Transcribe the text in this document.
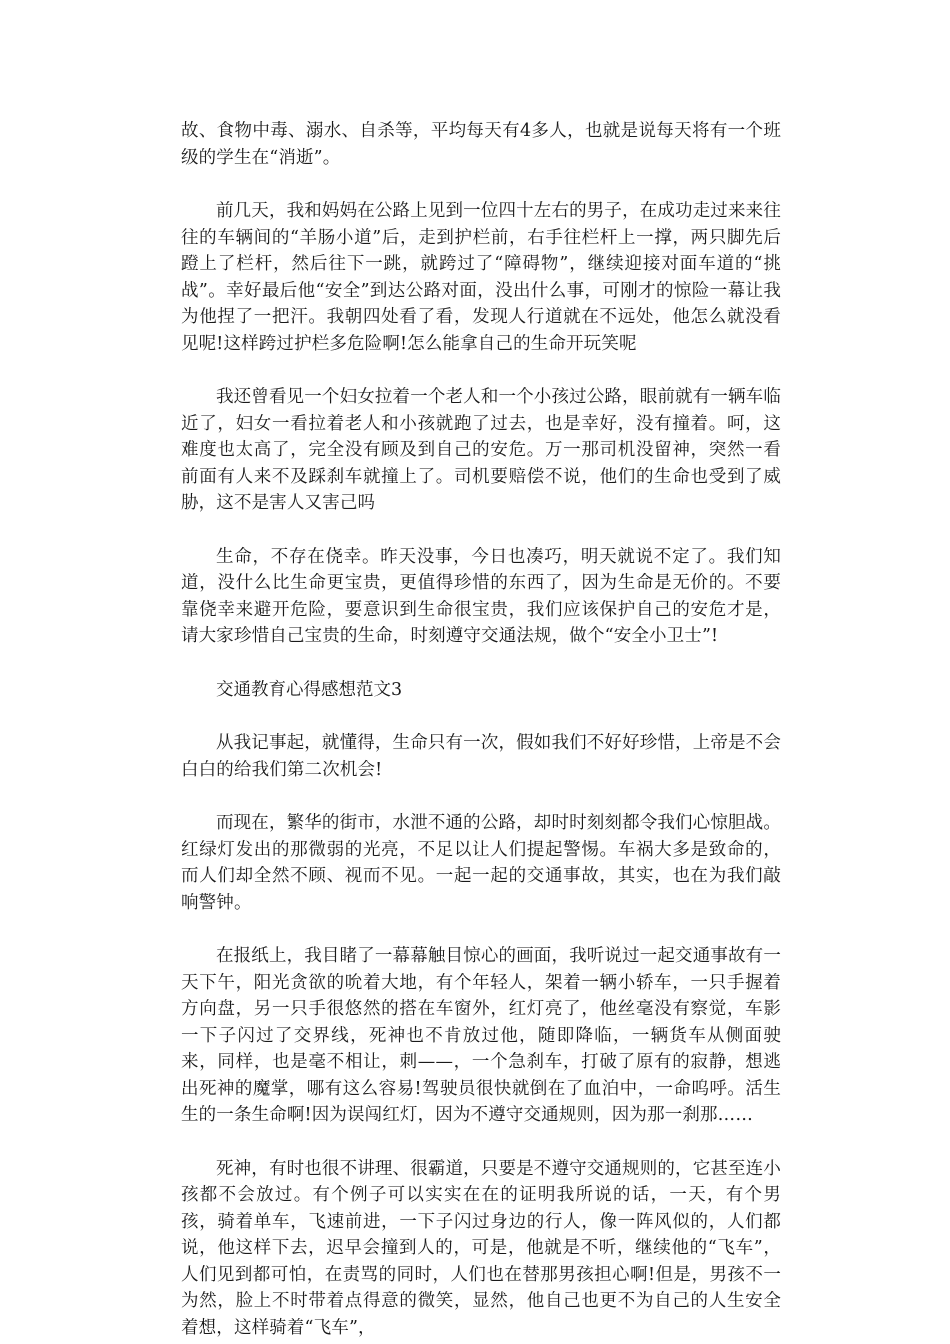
故、食物中毒、溺水、自杀等，平均每天有4多人，也就是说每天将有一个班级的学生在“消逝”。

前几天，我和妈妈在公路上见到一位四十左右的男子，在成功走过来来往往的车辆间的“羊肠小道”后，走到护栏前，右手往栏杆上一撑，两只脚先后蹬上了栏杆，然后往下一跳，就跨过了“障碍物”，继续迎接对面车道的“挑战”。幸好最后他“安全”到达公路对面，没出什么事，可刚才的惊险一幕让我为他捏了一把汗。我朝四处看了看，发现人行道就在不远处，他怎么就没看见呢!这样跨过护栏多危险啊!怎么能拿自己的生命开玩笑呢

我还曾看见一个妇女拉着一个老人和一个小孩过公路，眼前就有一辆车临近了，妇女一看拉着老人和小孩就跑了过去，也是幸好，没有撞着。呵，这难度也太高了，完全没有顾及到自己的安危。万一那司机没留神，突然一看前面有人来不及踩刹车就撞上了。司机要赔偿不说，他们的生命也受到了威胁，这不是害人又害己吗

生命，不存在侥幸。昨天没事，今日也凑巧，明天就说不定了。我们知道，没什么比生命更宝贵，更值得珍惜的东西了，因为生命是无价的。不要靠侥幸来避开危险，要意识到生命很宝贵，我们应该保护自己的安危才是，请大家珍惜自己宝贵的生命，时刻遵守交通法规，做个“安全小卫士”!

交通教育心得感想范文3

从我记事起，就懂得，生命只有一次，假如我们不好好珍惜，上帝是不会白白的给我们第二次机会!

而现在，繁华的街市，水泄不通的公路，却时时刻刻都令我们心惊胆战。红绿灯发出的那微弱的光亮，不足以让人们提起警惕。车祸大多是致命的，而人们却全然不顾、视而不见。一起一起的交通事故，其实，也在为我们敲响警钟。

在报纸上，我目睹了一幕幕触目惊心的画面，我听说过一起交通事故有一天下午，阳光贪欲的吮着大地，有个年轻人，架着一辆小轿车，一只手握着方向盘，另一只手很悠然的搭在车窗外，红灯亮了，他丝毫没有察觉，车影一下子闪过了交界线，死神也不肯放过他，随即降临，一辆货车从侧面驶来，同样，也是毫不相让，刺——，一个急刹车，打破了原有的寂静，想逃出死神的魔掌，哪有这么容易!驾驶员很快就倒在了血泊中，一命呜呼。活生生的一条生命啊!因为误闯红灯，因为不遵守交通规则，因为那一刹那……

死神，有时也很不讲理、很霸道，只要是不遵守交通规则的，它甚至连小孩都不会放过。有个例子可以实实在在的证明我所说的话，一天，有个男孩，骑着单车，飞速前进，一下子闪过身边的行人，像一阵风似的，人们都说，他这样下去，迟早会撞到人的，可是，他就是不听，继续他的“飞车”，人们见到都可怕，在责骂的同时，人们也在替那男孩担心啊!但是，男孩不一为然，脸上不时带着点得意的微笑，显然，他自己也更不为自己的人生安全着想，这样骑着“飞车”，
